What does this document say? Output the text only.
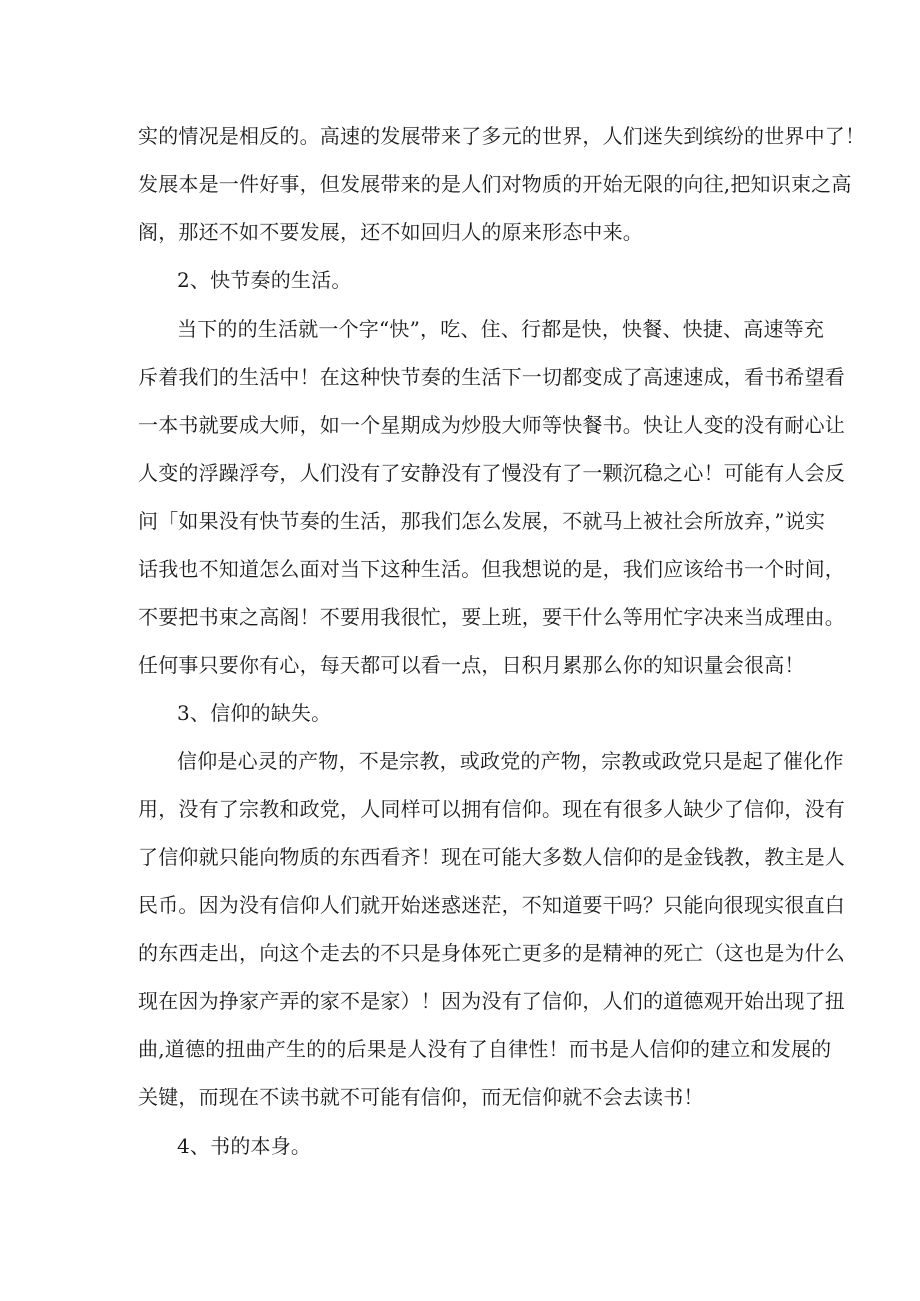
实的情况是相反的。高速的发展带来了多元的世界，人们迷失到缤纷的世界中了！
发展本是一件好事，但发展带来的是人们对物质的开始无限的向往,把知识束之高
阁，那还不如不要发展，还不如回归人的原来形态中来。
2、快节奏的生活。
当下的的生活就一个字“快”，吃、住、行都是快，快餐、快捷、高速等充
斥着我们的生活中！在这种快节奏的生活下一切都变成了高速速成，看书希望看
一本书就要成大师，如一个星期成为炒股大师等快餐书。快让人变的没有耐心让
人变的浮躁浮夸，人们没有了安静没有了慢没有了一颗沉稳之心！可能有人会反
问「如果没有快节奏的生活，那我们怎么发展，不就马上被社会所放弃，”说实
话我也不知道怎么面对当下这种生活。但我想说的是，我们应该给书一个时间，
不要把书束之高阁！不要用我很忙，要上班，要干什么等用忙字决来当成理由。
任何事只要你有心，每天都可以看一点，日积月累那么你的知识量会很高！
3、信仰的缺失。
信仰是心灵的产物，不是宗教，或政党的产物，宗教或政党只是起了催化作
用，没有了宗教和政党，人同样可以拥有信仰。现在有很多人缺少了信仰，没有
了信仰就只能向物质的东西看齐！现在可能大多数人信仰的是金钱教，教主是人
民币。因为没有信仰人们就开始迷惑迷茫，不知道要干吗？只能向很现实很直白
的东西走出，向这个走去的不只是身体死亡更多的是精神的死亡（这也是为什么
现在因为挣家产弄的家不是家）！因为没有了信仰，人们的道德观开始出现了扭
曲,道德的扭曲产生的的后果是人没有了自律性！而书是人信仰的建立和发展的
关键，而现在不读书就不可能有信仰，而无信仰就不会去读书！
4、书的本身。
